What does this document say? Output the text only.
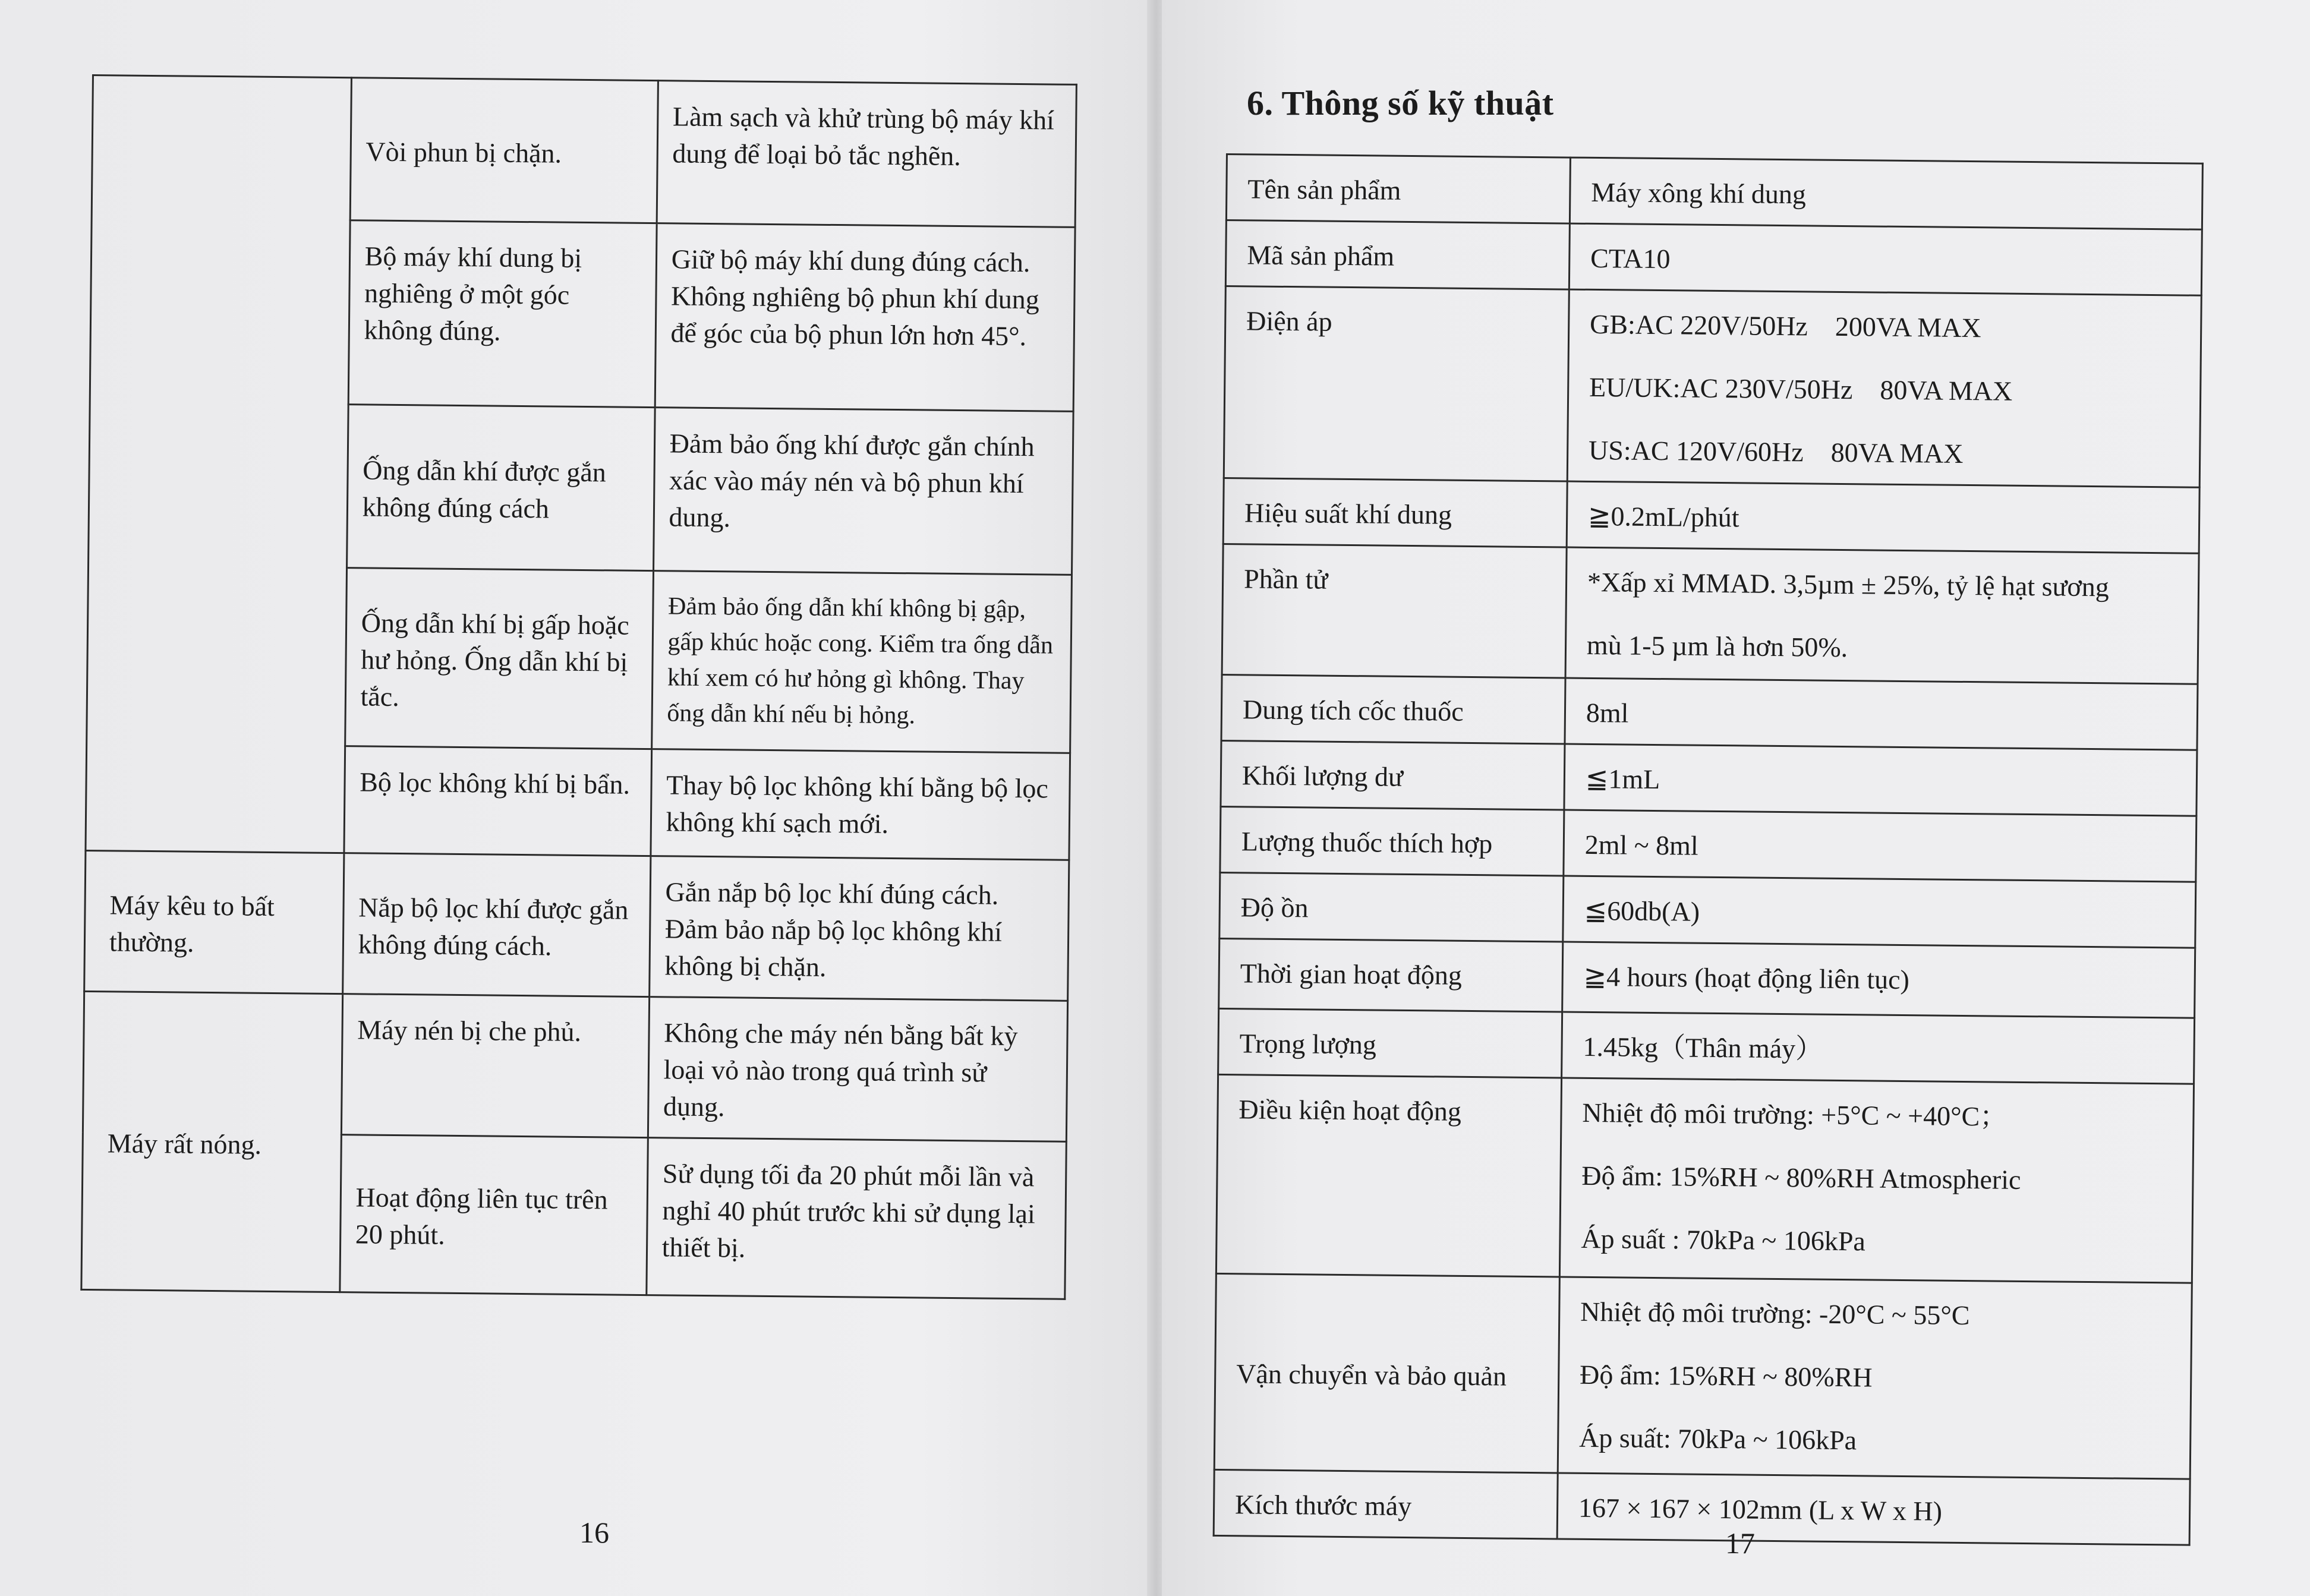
	Vòi phun bị chặn.	Làm sạch và khử trùng bộ máy khí dung để loại bỏ tắc nghẽn.
	Bộ máy khí dung bị nghiêng ở một góc không đúng.	Giữ bộ máy khí dung đúng cách. Không nghiêng bộ phun khí dung để góc của bộ phun lớn hơn 45°.
	Ống dẫn khí được gắn không đúng cách	Đảm bảo ống khí được gắn chính xác vào máy nén và bộ phun khí dung.
	Ống dẫn khí bị gấp hoặc hư hỏng. Ống dẫn khí bị tắc.	Đảm bảo ống dẫn khí không bị gập, gấp khúc hoặc cong. Kiểm tra ống dẫn khí xem có hư hỏng gì không. Thay ống dẫn khí nếu bị hỏng.
	Bộ lọc không khí bị bẩn.	Thay bộ lọc không khí bằng bộ lọc không khí sạch mới.
Máy kêu to bất thường.	Nắp bộ lọc khí được gắn không đúng cách.	Gắn nắp bộ lọc khí đúng cách. Đảm bảo nắp bộ lọc không khí không bị chặn.
Máy rất nóng.	Máy nén bị che phủ.	Không che máy nén bằng bất kỳ loại vỏ nào trong quá trình sử dụng.
	Hoạt động liên tục trên 20 phút.	Sử dụng tối đa 20 phút mỗi lần và nghỉ 40 phút trước khi sử dụng lại thiết bị.
16
6. Thông số kỹ thuật
Tên sản phẩm	Máy xông khí dung

Mã sản phẩm	CTA10

Điện áp	GB:AC 220V/50Hz    200VA MAX
EU/UK:AC 230V/50Hz    80VA MAX
US:AC 120V/60Hz    80VA MAX

Hiệu suất khí dung	≧0.2mL/phút

Phần tử	*Xấp xỉ MMAD. 3,5µm ± 25%, tỷ lệ hạt sương
mù 1-5 µm là hơn 50%.

Dung tích cốc thuốc	8ml

Khối lượng dư	≦1mL

Lượng thuốc thích hợp	2ml ~ 8ml

Độ ồn	≦60db(A)

Thời gian hoạt động	≧4 hours (hoạt động liên tục)

Trọng lượng	1.45kg（Thân máy）

Điều kiện hoạt động	Nhiệt độ môi trường: +5°C ~ +40°C；
Độ ẩm: 15%RH ~ 80%RH Atmospheric
Áp suất : 70kPa ~ 106kPa

Vận chuyển và bảo quản	Nhiệt độ môi trường: -20°C ~ 55°C
Độ ẩm: 15%RH ~ 80%RH
Áp suất: 70kPa ~ 106kPa

Kích thước máy	167 × 167 × 102mm (L x W x H)
17
